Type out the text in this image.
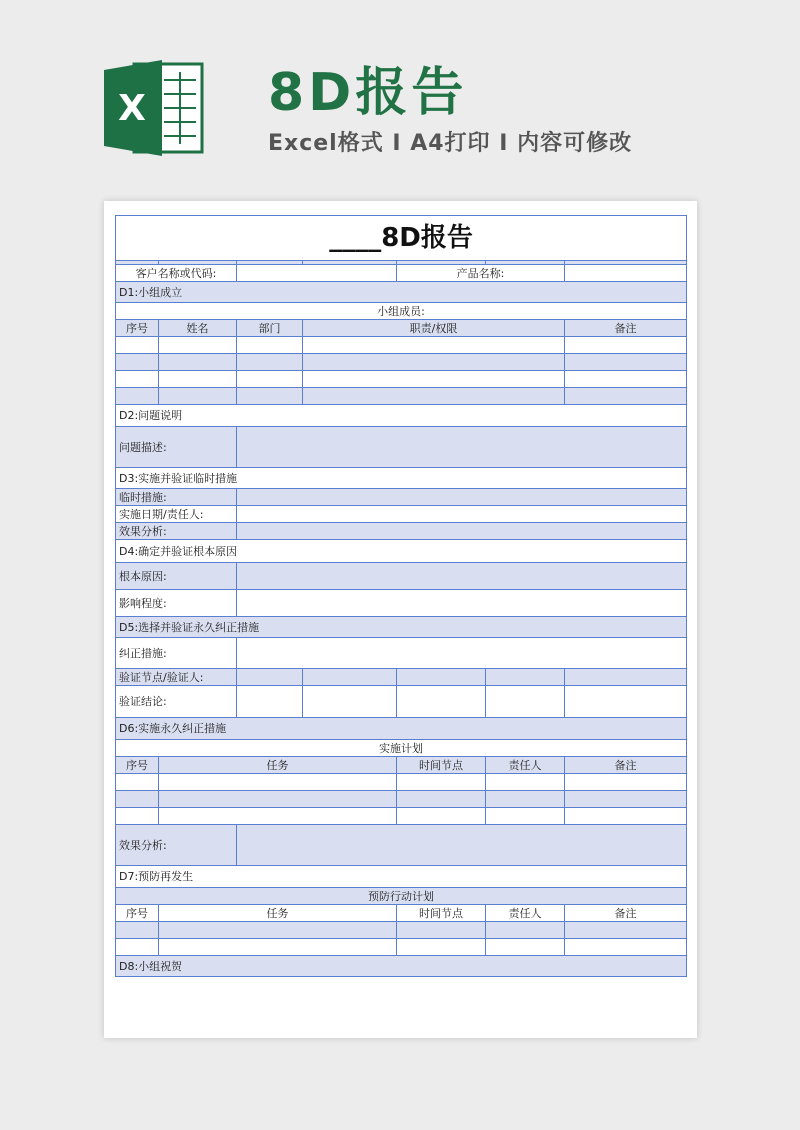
X 8D报告
Excel格式 I A4打印 I 内容可修改
____8D报告						

客户名称或代码:				产品名称:		
D1:小组成立						
小组成员:						
序号	姓名	部门	职责/权限			备注

D2:问题说明						
问题描述:						
D3:实施并验证临时措施						
临时措施:						
实施日期/责任人:						
效果分析:						
D4:确定并验证根本原因						
根本原因:						
影响程度:						
D5:选择并验证永久纠正措施						
纠正措施:						
验证节点/验证人:						
验证结论:						
D6:实施永久纠正措施						
实施计划						
序号	任务			时间节点	责任人	备注

效果分析:						
D7:预防再发生						
预防行动计划						
序号	任务			时间节点	责任人	备注

D8:小组祝贺						
